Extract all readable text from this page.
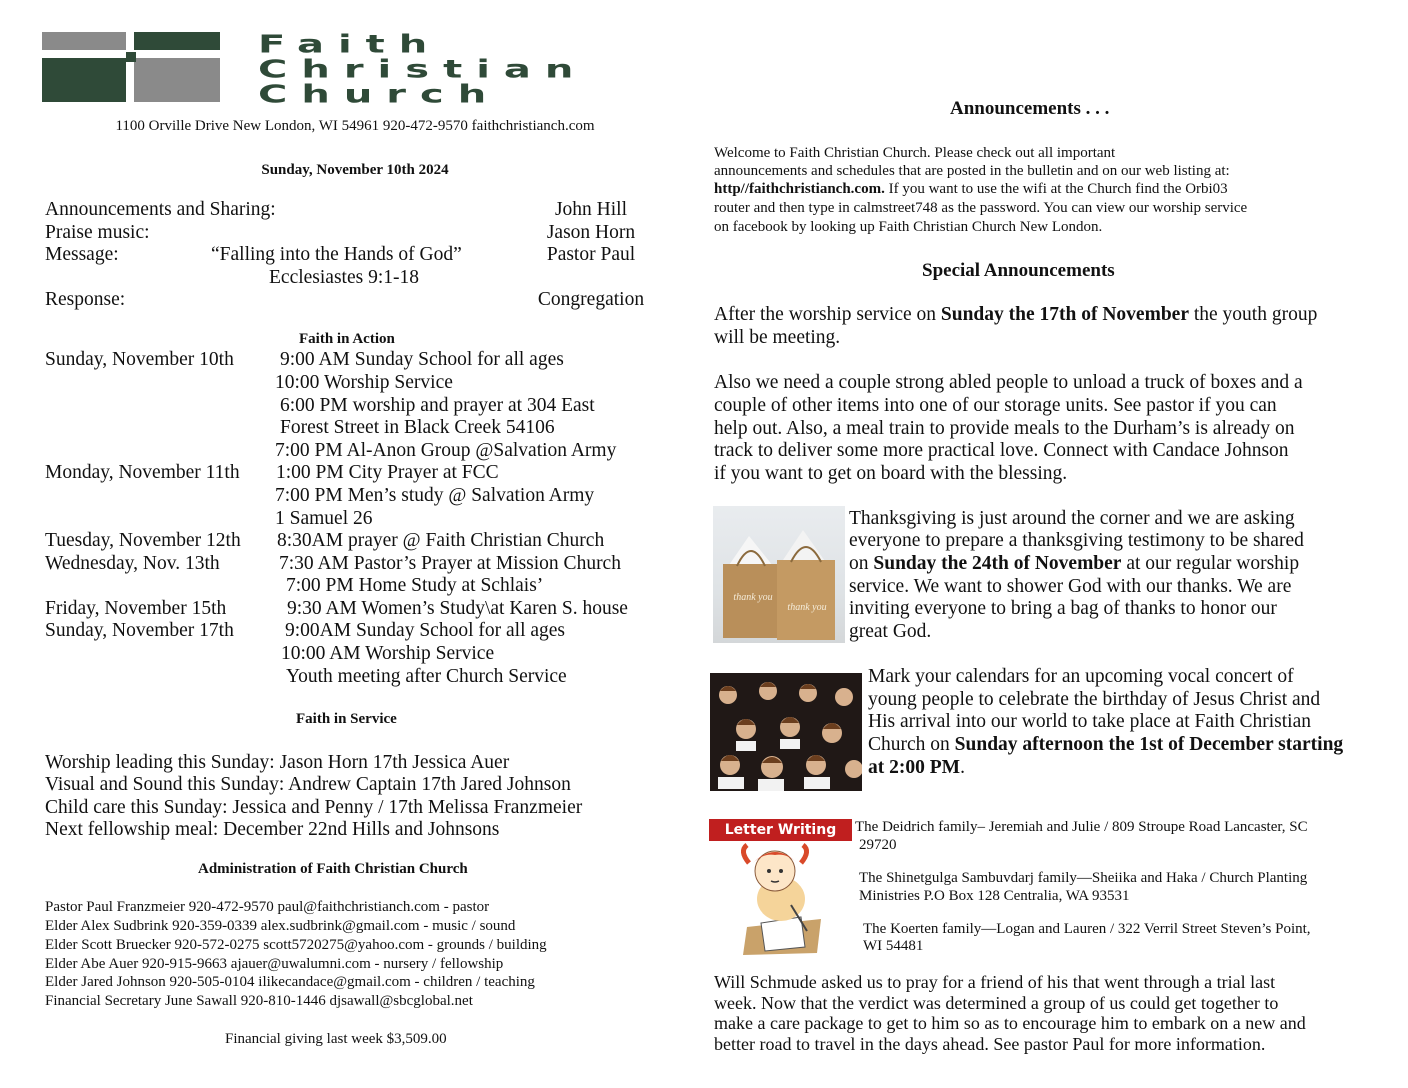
Faith
Christian
Church
1100 Orville Drive New London, WI 54961 920-472-9570 faithchristianch.com
Sunday, November 10th 2024
Announcements and Sharing:	John Hill
Praise music:	Jason Horn
Message:	“Falling into the Hands of God”	Pastor Paul
Ecclesiastes 9:1-18
Response:	Congregation
Faith in Action
Sunday, November 10th 9:00 AM Sunday School for all ages
10:00 Worship Service
6:00 PM worship and prayer at 304 East
Forest Street in Black Creek 54106
7:00 PM Al-Anon Group @Salvation Army
Monday, November 11th 1:00 PM City Prayer at FCC
7:00 PM Men’s study @ Salvation Army
1 Samuel 26
Tuesday, November 12th 8:30AM prayer @ Faith Christian Church
Wednesday, Nov. 13th	7:30 AM Pastor’s Prayer at Mission Church
7:00 PM Home Study at Schlais’
Friday, November 15th	9:30 AM Women’s Study\at Karen S. house
Sunday, November 17th	9:00AM Sunday School for all ages
10:00 AM Worship Service
Youth meeting after Church Service
Faith in Service
Worship leading this Sunday: Jason Horn 17th Jessica Auer
Visual and Sound this Sunday: Andrew Captain 17th Jared Johnson
Child care this Sunday: Jessica and Penny / 17th Melissa Franzmeier
Next fellowship meal: December 22nd Hills and Johnsons
Administration of Faith Christian Church
Pastor Paul Franzmeier 920-472-9570 paul@faithchristianch.com - pastor
Elder Alex Sudbrink 920-359-0339 alex.sudbrink@gmail.com - music / sound
Elder Scott Bruecker 920-572-0275 scott5720275@yahoo.com - grounds / building
Elder Abe Auer 920-915-9663 ajauer@uwalumni.com - nursery / fellowship
Elder Jared Johnson 920-505-0104 ilikecandace@gmail.com - children / teaching
Financial Secretary June Sawall 920-810-1446 djsawall@sbcglobal.net
Financial giving last week $3,509.00
Announcements . . .
Welcome to Faith Christian Church. Please check out all important
announcements and schedules that are posted in the bulletin and on our web listing at:
http//faithchristianch.com. If you want to use the wifi at the Church find the Orbi03
router and then type in calmstreet748 as the password. You can view our worship service
on facebook by looking up Faith Christian Church New London.
Special Announcements
After the worship service on Sunday the 17th of November the youth group
will be meeting.
Also we need a couple strong abled people to unload a truck of boxes and a
couple of other items into one of our storage units. See pastor if you can
help out. Also, a meal train to provide meals to the Durham’s is already on
track to deliver some more practical love. Connect with Candace Johnson
if you want to get on board with the blessing.
thank you
thank you
Thanksgiving is just around the corner and we are asking
everyone to prepare a thanksgiving testimony to be shared
on Sunday the 24th of November at our regular worship
service. We want to shower God with our thanks. We are
inviting everyone to bring a bag of thanks to honor our
great God.
Mark your calendars for an upcoming vocal concert of
young people to celebrate the birthday of Jesus Christ and
His arrival into our world to take place at Faith Christian
Church on Sunday afternoon the 1st of December starting
at 2:00 PM.
Letter Writing	The Deidrich family– Jeremiah and Julie / 809 Stroupe Road Lancaster, SC
29720
The Shinetgulga Sambuvdarj family—Sheiika and Haka / Church Planting
Ministries P.O Box 128 Centralia, WA 93531
The Koerten family—Logan and Lauren / 322 Verril Street Steven’s Point,
WI 54481
Will Schmude asked us to pray for a friend of his that went through a trial last
week. Now that the verdict was determined a group of us could get together to
make a care package to get to him so as to encourage him to embark on a new and
better road to travel in the days ahead. See pastor Paul for more information.
